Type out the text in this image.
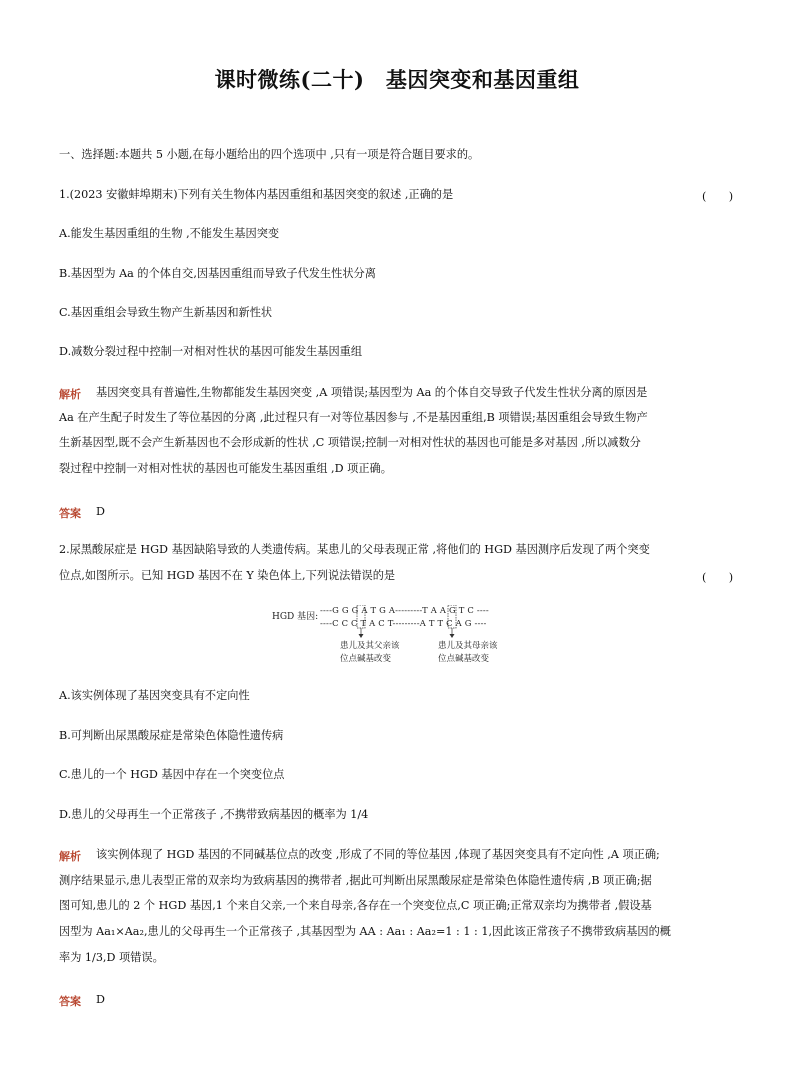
课时微练(二十)　基因突变和基因重组
一、选择题:本题共 5 小题,在每小题给出的四个选项中 ,只有一项是符合题目要求的。
1.(2023 安徽蚌埠期末)下列有关生物体内基因重组和基因突变的叙述 ,正确的是	(　　)
A.能发生基因重组的生物 ,不能发生基因突变
B.基因型为 Aa 的个体自交,因基因重组而导致子代发生性状分离
C.基因重组会导致生物产生新基因和新性状
D.减数分裂过程中控制一对相对性状的基因可能发生基因重组
解析 基因突变具有普遍性,生物都能发生基因突变 ,A 项错误;基因型为 Aa 的个体自交导致子代发生性状分离的原因是
Aa 在产生配子时发生了等位基因的分离 ,此过程只有一对等位基因参与 ,不是基因重组,B 项错误;基因重组会导致生物产
生新基因型,既不会产生新基因也不会形成新的性状 ,C 项错误;控制一对相对性状的基因也可能是多对基因 ,所以减数分
裂过程中控制一对相对性状的基因也可能发生基因重组 ,D 项正确。
答案 D
2.尿黑酸尿症是 HGD 基因缺陷导致的人类遗传病。某患儿的父母表现正常 ,将他们的 HGD 基因测序后发现了两个突变
位点,如图所示。已知 HGD 基因不在 Y 染色体上,下列说法错误的是	(　　)
HGD 基因:
----G G G A T G A---------T A A G T C ----
----C C C T A C T---------A T T C A G ----
患儿及其父亲该
位点碱基改变
患儿及其母亲该
位点碱基改变
A.该实例体现了基因突变具有不定向性
B.可判断出尿黑酸尿症是常染色体隐性遗传病
C.患儿的一个 HGD 基因中存在一个突变位点
D.患儿的父母再生一个正常孩子 ,不携带致病基因的概率为 1/4
解析 该实例体现了 HGD 基因的不同碱基位点的改变 ,形成了不同的等位基因 ,体现了基因突变具有不定向性 ,A 项正确;
测序结果显示,患儿表型正常的双亲均为致病基因的携带者 ,据此可判断出尿黑酸尿症是常染色体隐性遗传病 ,B 项正确;据
图可知,患儿的 2 个 HGD 基因,1 个来自父亲,一个来自母亲,各存在一个突变位点,C 项正确;正常双亲均为携带者 ,假设基
因型为 Aa₁×Aa₂,患儿的父母再生一个正常孩子 ,其基因型为 AA : Aa₁ : Aa₂=1 : 1 : 1,因此该正常孩子不携带致病基因的概
率为 1/3,D 项错误。
答案 D
